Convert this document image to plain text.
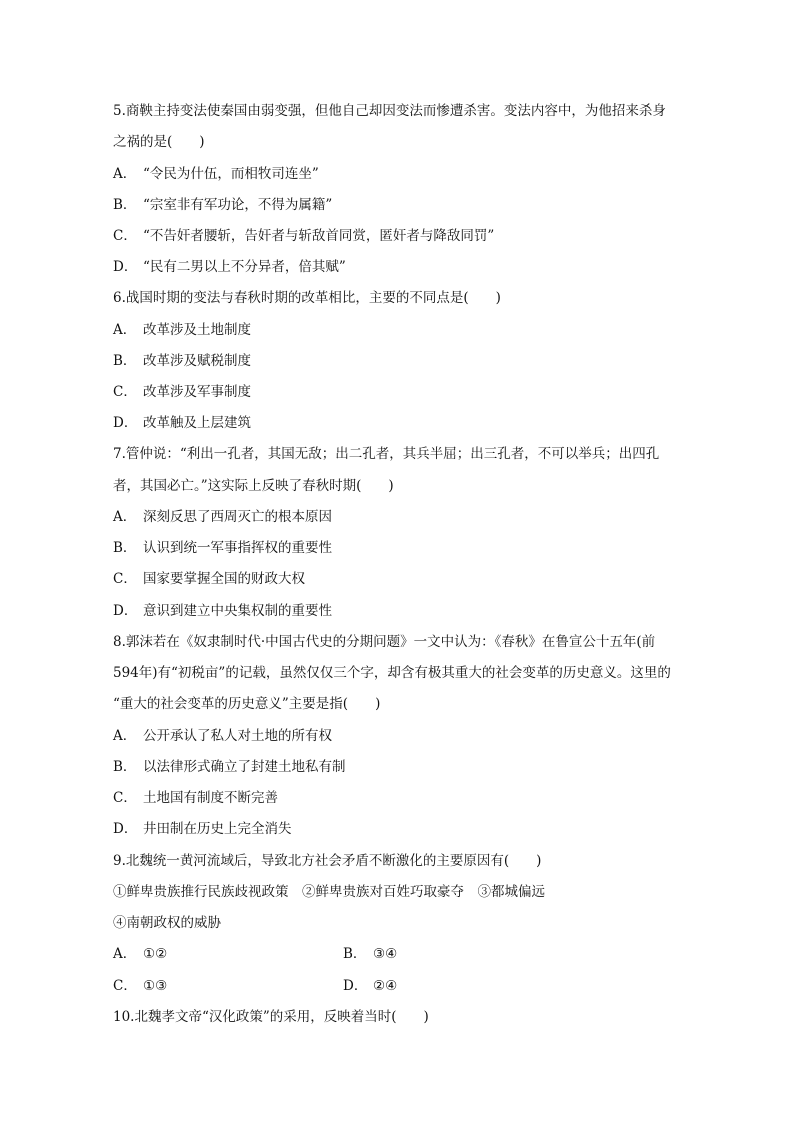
5.商鞅主持变法使秦国由弱变强，但他自己却因变法而惨遭杀害。变法内容中，为他招来杀身
之祸的是(　　)
A． “令民为什伍，而相牧司连坐”
B． “宗室非有军功论，不得为属籍”
C． “不告奸者腰斩，告奸者与斩敌首同赏，匿奸者与降敌同罚”
D． “民有二男以上不分异者，倍其赋”
6.战国时期的变法与春秋时期的改革相比，主要的不同点是(　　)
A． 改革涉及土地制度
B． 改革涉及赋税制度
C． 改革涉及军事制度
D． 改革触及上层建筑
7.管仲说：“利出一孔者，其国无敌；出二孔者，其兵半屈；出三孔者，不可以举兵；出四孔
者，其国必亡。”这实际上反映了春秋时期(　　)
A． 深刻反思了西周灭亡的根本原因
B． 认识到统一军事指挥权的重要性
C． 国家要掌握全国的财政大权
D． 意识到建立中央集权制的重要性
8.郭沫若在《奴隶制时代·中国古代史的分期问题》一文中认为：《春秋》在鲁宣公十五年(前
594年)有“初税亩”的记载，虽然仅仅三个字，却含有极其重大的社会变革的历史意义。这里的
“重大的社会变革的历史意义”主要是指(　　)
A． 公开承认了私人对土地的所有权
B． 以法律形式确立了封建土地私有制
C． 土地国有制度不断完善
D． 井田制在历史上完全消失
9.北魏统一黄河流域后，导致北方社会矛盾不断激化的主要原因有(　　)
①鲜卑贵族推行民族歧视政策　②鲜卑贵族对百姓巧取豪夺　③都城偏远
④南朝政权的威胁
A． ①②	B． ③④
C． ①③	D． ②④
10.北魏孝文帝“汉化政策”的采用，反映着当时(　　)
